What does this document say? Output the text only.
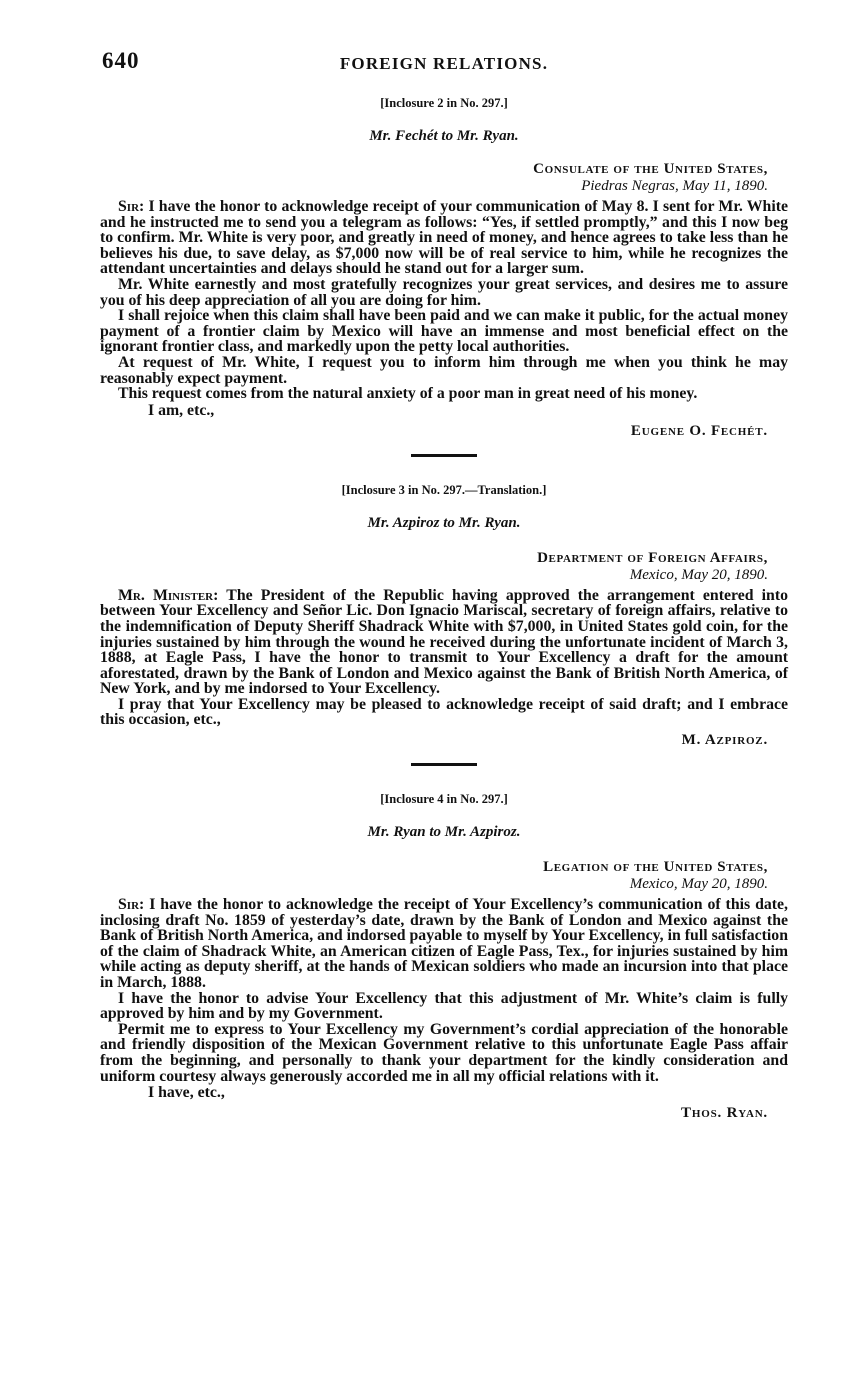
640	FOREIGN RELATIONS.
[Inclosure 2 in No. 297.]
Mr. Fechét to Mr. Ryan.
Consulate of the United States,
Piedras Negras, May 11, 1890.

Sir: I have the honor to acknowledge receipt of your communication of May 8. I sent for Mr. White and he instructed me to send you a telegram as follows: “Yes, if settled promptly,” and this I now beg to confirm. Mr. White is very poor, and greatly in need of money, and hence agrees to take less than he believes his due, to save delay, as $7,000 now will be of real service to him, while he recognizes the attendant uncertainties and delays should he stand out for a larger sum.

Mr. White earnestly and most gratefully recognizes your great services, and desires me to assure you of his deep appreciation of all you are doing for him.

I shall rejoice when this claim shall have been paid and we can make it public, for the actual money payment of a frontier claim by Mexico will have an immense and most beneficial effect on the ignorant frontier class, and markedly upon the petty local authorities.

At request of Mr. White, I request you to inform him through me when you think he may reasonably expect payment.

This request comes from the natural anxiety of a poor man in great need of his money.

I am, etc.,
Eugene O. Fechét.
[Inclosure 3 in No. 297.—Translation.]
Mr. Azpiroz to Mr. Ryan.
Department of Foreign Affairs,
Mexico, May 20, 1890.

Mr. Minister: The President of the Republic having approved the arrangement entered into between Your Excellency and Señor Lic. Don Ignacio Mariscal, secretary of foreign affairs, relative to the indemnification of Deputy Sheriff Shadrack White with $7,000, in United States gold coin, for the injuries sustained by him through the wound he received during the unfortunate incident of March 3, 1888, at Eagle Pass, I have the honor to transmit to Your Excellency a draft for the amount aforestated, drawn by the Bank of London and Mexico against the Bank of British North America, of New York, and by me indorsed to Your Excellency.

I pray that Your Excellency may be pleased to acknowledge receipt of said draft; and I embrace this occasion, etc.,

M. Azpiroz.
[Inclosure 4 in No. 297.]
Mr. Ryan to Mr. Azpiroz.
Legation of the United States,
Mexico, May 20, 1890.

Sir: I have the honor to acknowledge the receipt of Your Excellency’s communication of this date, inclosing draft No. 1859 of yesterday’s date, drawn by the Bank of London and Mexico against the Bank of British North America, and indorsed payable to myself by Your Excellency, in full satisfaction of the claim of Shadrack White, an American citizen of Eagle Pass, Tex., for injuries sustained by him while acting as deputy sheriff, at the hands of Mexican soldiers who made an incursion into that place in March, 1888.

I have the honor to advise Your Excellency that this adjustment of Mr. White’s claim is fully approved by him and by my Government.

Permit me to express to Your Excellency my Government’s cordial appreciation of the honorable and friendly disposition of the Mexican Government relative to this unfortunate Eagle Pass affair from the beginning, and personally to thank your department for the kindly consideration and uniform courtesy always generously accorded me in all my official relations with it.

I have, etc.,
Thos. Ryan.
